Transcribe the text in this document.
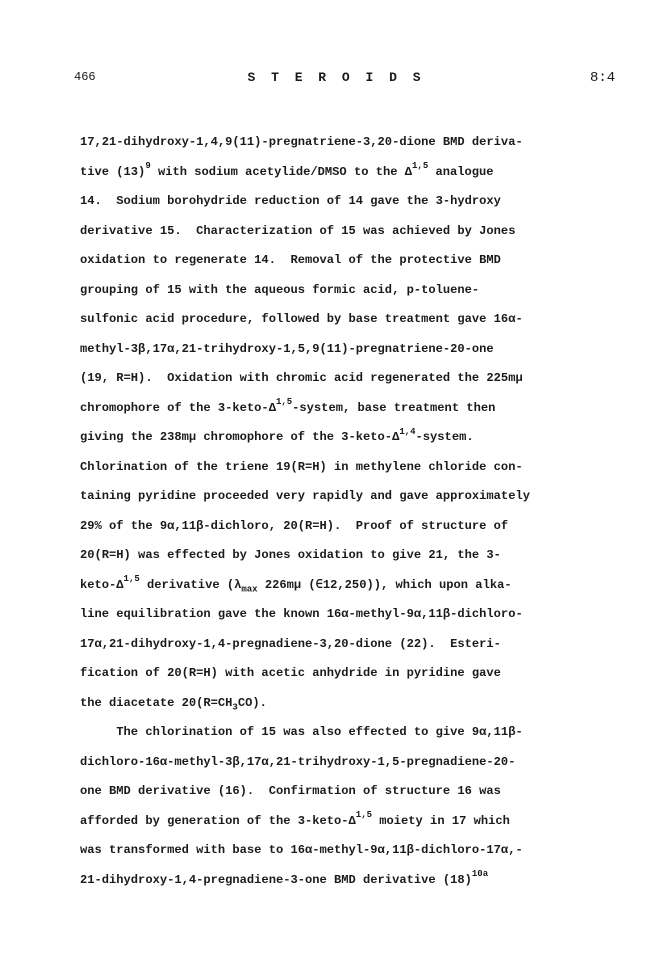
466	S T E R O I D S	8:4
17,21-dihydroxy-1,4,9(11)-pregnatriene-3,20-dione BMD deriva-
tive $(13)^9$ with sodium acetylide/DMSO to the Δ$^{1,5}$ analogue
14.  Sodium borohydride reduction of 14 gave the 3-hydroxy
derivative 15.  Characterization of 15 was achieved by Jones
oxidation to regenerate 14.  Removal of the protective BMD
grouping of 15 with the aqueous formic acid, p-toluene-
sulfonic acid procedure, followed by base treatment gave 16α-
methyl-3β,17α,21-trihydroxy-1,5,9(11)-pregnatriene-20-one
(19, R=H).  Oxidation with chromic acid regenerated the 225mμ
chromophore of the $3-keto-\Delta^{1,5}$-system, base treatment then
giving the 238mμ chromophore of the $3-keto-\Delta^{1,4}$-system.
Chlorination of the triene 19(R=H) in methylene chloride con-
taining pyridine proceeded very rapidly and gave approximately
29% of the 9α,11β-dichloro, 20(R=H).  Proof of structure of
20(R=H) was effected by Jones oxidation to give 21, the 3-
keto-$\Delta^{1,5}$ derivative ($\lambda_{max}$ 226mμ (∈12,250)), which upon alka-
line equilibration gave the known 16α-methyl-9α,11β-dichloro-
17α,21-dihydroxy-1,4-pregnadiene-3,20-dione (22).  Esteri-
fication of 20(R=H) with acetic anhydride in pyridine gave
the diacetate $20(R=CH_3CO)$.
The chlorination of 15 was also effected to give 9α,11β-
dichloro-16α-methyl-3β,17α,21-trihydroxy-1,5-pregnadiene-20-
one BMD derivative (16).  Confirmation of structure 16 was
afforded by generation of the $3-keto-\Delta^{1,5}$ moiety in 17 which
was transformed with base to 16α-methyl-9α,11β-dichloro-17α,-
21-dihydroxy-1,4-pregnadiene-3-one BMD derivative $(18)^{10a}$
